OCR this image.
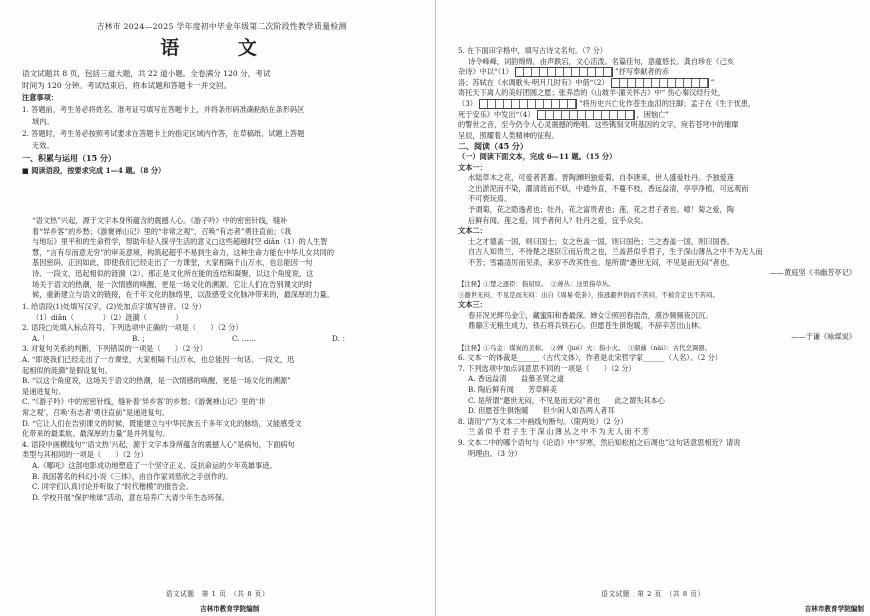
吉林市 2024—2025 学年度初中毕业年级第二次阶段性教学质量检测

语 文

语文试题共 8 页，包括三道大题，共 22 道小题。全卷满分 120 分，考试

时间为 120 分钟。考试结束后，将本试题和答题卡一并交回。

注意事项：

1. 答题前，考生务必将姓名、准考证号填写在答题卡上，并将条形码准确粘贴在条形码区

域内。

2. 答题时，考生务必按照考试要求在答题卡上的指定区域内作答，在草稿纸、试题上答题

无效。

一、积累与运用（15 分）

■ 阅读语段，按要求完成 1—4 题。（8 分）

“语文热”兴起，源于文字本身所蕴含的震撼人心。《游子吟》中的密密针线，缝补

着“异乡客”的乡愁；《游褒禅山记》里的“非常之观”，召唤“有志者”勇往直前；《我

与地坛》里平和的生命哲学，帮助年轻人探寻生活的意义□这些超越时空 diǎn（1）的人生智

慧，“言有尽而意无穷”的审美意境，构筑起超乎不易到生命力，这种生命力能在中华儿女共同的

基因密码。正因如此，即使我们已经走出了一方课堂，大家相隔千山万水，也总能因一句

诗、一段文，迅起相似的涟漪（2）。那正是文化所在能的连结和凝聚，以这个角度说，这

场关于语文的热潮，是一次情感的唤醒，更是一场文化的溯源。它让人们在告别课文的时

候，重新建立与语文的链接，在千年文化的脉络里，以汲感受文化脉冲带来的，最深厚的力量。

1. 给语段(1)处填写汉字，(2)处加点字填写拼音。（2 分）

（1）diǎn（　　　　）（2）涟漪（　　　　）

2. 语段□处填入标点符号，下列选项中正确的一项是（　　）（2 分）

A. ！	B. ；	C. ……	D. ：

3. 对复句关系的判断，下列错误的一项是（　　）（2 分）

A. “即使我们已经走出了一方课堂，大家相隔千山万水，也总能因一句话、一段文，迅

起相似的涟漪”是假设复句。

B. “以这个角度说，这场关于语文的热潮，是一次情感的唤醒，更是一场文化的溯源”

是递进复句。

C. “《游子吟》中的密密针线，缝补着‘异乡客’的乡愁；《游褒禅山记》里的‘非

常之观’，召唤‘有志者’勇往直前”是递进复句。

D. “它让人们在告别课文的时候，既能建立与中华民族五千多年文化的脉络，又能感受文

化带来的最柔软、最深厚的力量”是并列复句。

4. 语段中画横线句“‘语文热’兴起，源于文字本身所蕴含的震撼人心”是病句，下面病句

类型与其相同的一项是（　　）（2 分）

A.《哪吒》这部电影成功地塑造了一个坚守正义、反抗命运的少年英雄事迹。

B. 我国著名的科幻小说《三体》，由自作家刘慈欣之手创作的。

C. 同学们认真讨论并听取了“时代楷模”的报告会。

D. 学校开展“保护地球”活动，意在培养广大青少年生态环保。

语文试题　第 1 页　（共 8 页）
吉林市教育学院编制

5. 在下面田字格中，填写古诗文名句。（7 分）

诗令峰峰，词韵绵绵，由声跌宕，文心活泼。名篇佳句，意蕴悠长。龚自珍在《己亥

杂诗》中以“（1）	”抒写奉献者的赤

洛；苏轼在《水调歌头·明月几时有》中借“（2）	”

寄托天下离人的美好团圆之愿；张养浩的《山坡羊·潼关怀古》中“ 伤心秦汉经行处，

（3）	”将历史兴亡化作苍生血泪的注脚；孟子在《生于忧患，

死于安乐》中发出“（4）	，困恼亡”

的警世之音，至今仍令人心灵震撼的绝唱。这些镌刻文明基因的文字，宛若苍穹中的璀璨

呈辰，照耀着人类精神的征程。

二、阅读（45 分）

（一）阅读下面文本，完成 6—11 题。（15 分）

文本一：

水陆草木之花，可爱者甚蕃。晋陶渊明独爱菊。自李唐来，世人盛爱牡丹。予独爱莲

之出淤泥而不染，濯清涟而不妖，中通外直，不蔓不枝，香远益清，亭亭净植，可远观而

不可亵玩焉。

予谓菊，花之隐逸者也；牡丹，花之富贵者也；莲，花之君子者也。噫！菊之爱，陶

后鲜有闻。莲之爱，同予者何人？牡丹之爱，宜乎众矣。

文本二：

士之才德盖一国，则曰国士；女之色盖一国，则曰国色；兰之香盖一国，则曰国香。

自古人知贵兰，不待楚之逐臣①而后贵之也，兰盖甚似乎君子，生于深山薄丛之中不为无人而

不芳；雪霜凌厉而见杀，来岁不改其性也。是所谓“遯世无闷，不见是而无闷”者也。

——黄庭坚《书幽芳亭记》

【注释】①楚之逐臣：指屈原。　②薄丛：这里指草丛。

③遯世无闷，不见是而无闷：出自《周易·乾卦》，指逃避世俗而不苦闷，不被肯定也不苦闷。

文本三：

春开况光辉鸟金①，藏蜜阳和香最深。婵女②照回春浩浩，漠沙频频夜沉沉。

鼎鼐③无粮生成力，铁石将兵铁石心。但愿苍生俱饱暖，不辞辛苦出山林。

——于谦《咏煤炭》

【注释】①乌金：煤炭的美称。　②婵（jué）火：指小火。　③鼎鼐（nài）：古代烹调器。

6. 文本一的体裁是______（古代文体），作者是北宋哲学家______（人名）。（2 分）

7. 下列选项中加点词意思不同的一项是（　　）（2 分）

A. 香远益清　　益慕圣贤之道

B. 陶后鲜有闻　　芳草鲜美

C. 是所谓“遯世无闷，不见是而无闷”者也　　此之谓失其本心

D. 但愿苍生俱饱暖　　但少闲人如吾两人者耳

8. 请用“/”为文本二中画线句断句。（限两处）（2 分）

兰盖似乎君子生于深山薄丛之中不为无人而不芳

9. 文本二中的哪个语句与《论语》中“岁寒，然后知松柏之后凋也”这句话意思相近？请说

明理由。（3 分）

语文试题　第 2 页　（共 8 页）
吉林市教育学院编制
